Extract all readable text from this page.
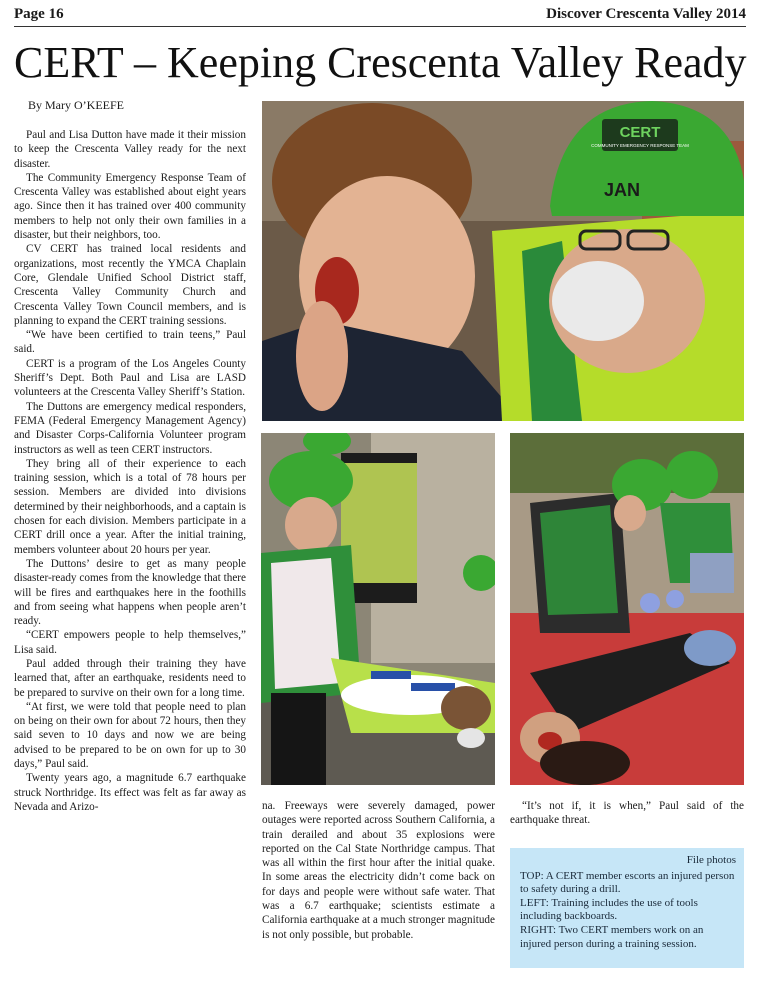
Page 16	Discover Crescenta Valley 2014
CERT – Keeping Crescenta Valley Ready
By Mary O’KEEFE

Paul and Lisa Dutton have made it their mission to keep the Crescenta Valley ready for the next disaster.

The Community Emergency Response Team of Crescenta Valley was established about eight years ago. Since then it has trained over 400 community members to help not only their own families in a disaster, but their neighbors, too.

CV CERT has trained local residents and organizations, most recently the YMCA Chaplain Core, Glendale Unified School District staff, Crescenta Valley Community Church and Crescenta Valley Town Council members, and is planning to expand the CERT training sessions.

“We have been certified to train teens,” Paul said.

CERT is a program of the Los Angeles County Sheriff’s Dept. Both Paul and Lisa are LASD volunteers at the Crescenta Valley Sheriff’s Station.

The Duttons are emergency medical responders, FEMA (Federal Emergency Management Agency) and Disaster Corps-California Volunteer program instructors as well as teen CERT instructors.

They bring all of their experience to each training session, which is a total of 78 hours per session. Members are divided into divisions determined by their neighborhoods, and a captain is chosen for each division. Members participate in a CERT drill once a year. After the initial training, members volunteer about 20 hours per year.

The Duttons’ desire to get as many people disaster-ready comes from the knowledge that there will be fires and earthquakes here in the foothills and from seeing what happens when people aren’t ready.

“CERT empowers people to help themselves,” Lisa said.

Paul added through their training they have learned that, after an earthquake, residents need to be prepared to survive on their own for a long time.

“At first, we were told that people need to plan on being on their own for about 72 hours, then they said seven to 10 days and now we are being advised to be prepared to be on own for up to 30 days,” Paul said.

Twenty years ago, a magnitude 6.7 earthquake struck Northridge. Its effect was felt as far away as Nevada and Arizo-

CERT
COMMUNITY EMERGENCY RESPONSE TEAM
JAN

na. Freeways were severely damaged, power outages were reported across Southern California, a train derailed and about 35 explosions were reported on the Cal State Northridge campus. That was all within the first hour after the initial quake. In some areas the electricity didn’t come back on for days and people were without safe water. That was a 6.7 earthquake; scientists estimate a California earthquake at a much stronger magnitude is not only possible, but probable.

“It’s not if, it is when,” Paul said of the earthquake threat.

File photos

TOP: A CERT member escorts an injured person to safety during a drill.

LEFT: Training includes the use of tools including backboards.

RIGHT: Two CERT members work on an injured person during a training session.
